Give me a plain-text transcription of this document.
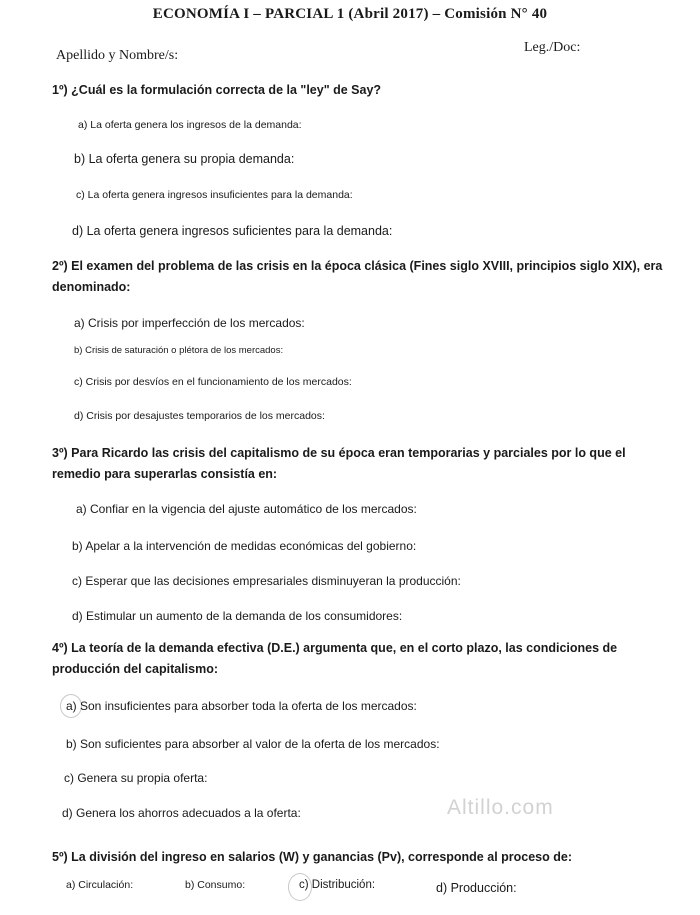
ECONOMÍA I – PARCIAL 1 (Abril 2017) – Comisión N° 40
Apellido y Nombre/s:
Leg./Doc:
1º) ¿Cuál es la formulación correcta de la "ley" de Say?
a) La oferta genera los ingresos de la demanda:
b) La oferta genera su propia demanda:
c) La oferta genera ingresos insuficientes para la demanda:
d) La oferta genera ingresos suficientes para la demanda:
2º) El examen del problema de las crisis en la época clásica (Fines siglo XVIII, principios siglo XIX), era denominado:
a) Crisis por imperfección de los mercados:
b) Crisis de saturación o plétora de los mercados:
c) Crisis por desvíos en el funcionamiento de los mercados:
d) Crisis por desajustes temporarios de los mercados:
3º) Para Ricardo las crisis del capitalismo de su época eran temporarias y parciales por lo que el remedio para superarlas consistía en:
a) Confiar en la vigencia del ajuste automático de los mercados:
b) Apelar a la intervención de medidas económicas del gobierno:
c) Esperar que las decisiones empresariales disminuyeran la producción:
d) Estimular un aumento de la demanda de los consumidores:
4º) La teoría de la demanda efectiva (D.E.) argumenta que, en el corto plazo, las condiciones de producción del capitalismo:
a) Son insuficientes para absorber toda la oferta de los mercados:
b) Son suficientes para absorber al valor de la oferta de los mercados:
c) Genera su propia oferta:
d) Genera los ahorros adecuados a la oferta:	Altillo.com
5º) La división del ingreso en salarios (W) y ganancias (Pv), corresponde al proceso de:
a) Circulación:	b) Consumo:	c) Distribución:	d) Producción:
